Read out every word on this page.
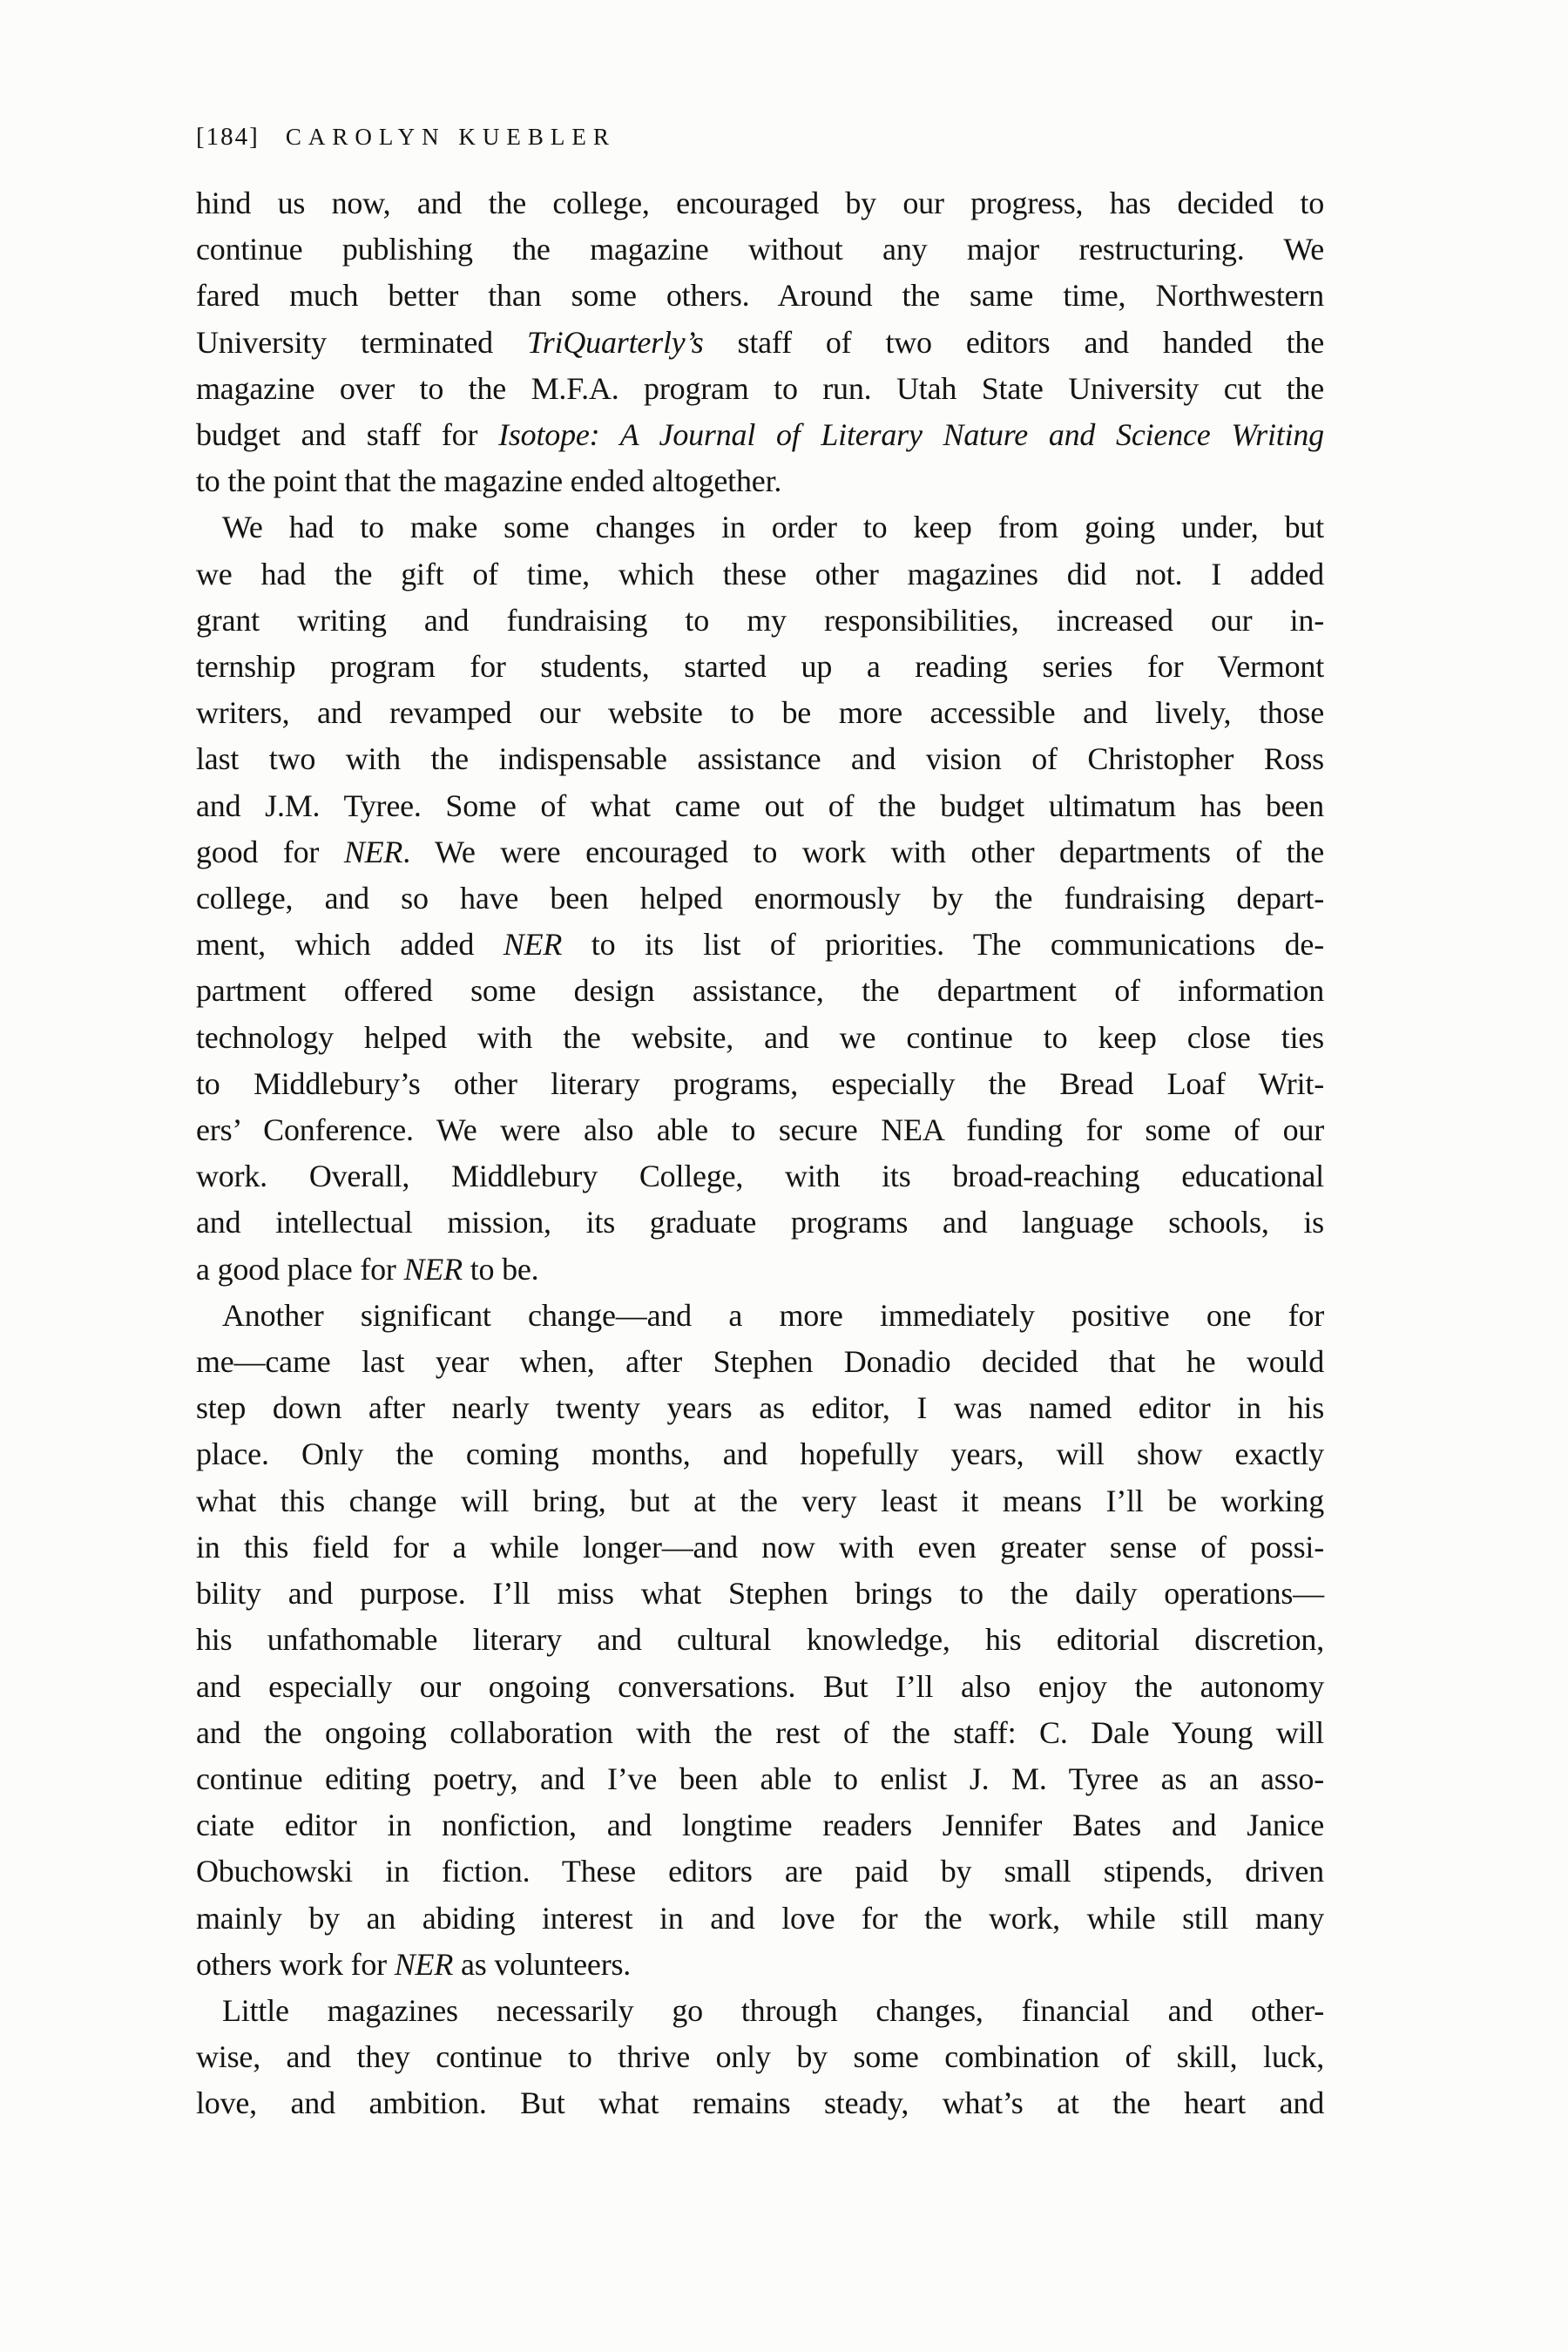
[184] CAROLYN KUEBLER
hind us now, and the college, encouraged by our progress, has decided to
continue publishing the magazine without any major restructuring. We
fared much better than some others. Around the same time, Northwestern
University terminated TriQuarterly’s staff of two editors and handed the
magazine over to the M.F.A. program to run. Utah State University cut the
budget and staff for Isotope: A Journal of Literary Nature and Science Writing
to the point that the magazine ended altogether.
We had to make some changes in order to keep from going under, but
we had the gift of time, which these other magazines did not. I added
grant writing and fundraising to my responsibilities, increased our in-
ternship program for students, started up a reading series for Vermont
writers, and revamped our website to be more accessible and lively, those
last two with the indispensable assistance and vision of Christopher Ross
and J.M. Tyree. Some of what came out of the budget ultimatum has been
good for NER. We were encouraged to work with other departments of the
college, and so have been helped enormously by the fundraising depart-
ment, which added NER to its list of priorities. The communications de-
partment offered some design assistance, the department of information
technology helped with the website, and we continue to keep close ties
to Middlebury’s other literary programs, especially the Bread Loaf Writ-
ers’ Conference. We were also able to secure NEA funding for some of our
work. Overall, Middlebury College, with its broad-reaching educational
and intellectual mission, its graduate programs and language schools, is
a good place for NER to be.
Another significant change—and a more immediately positive one for
me—came last year when, after Stephen Donadio decided that he would
step down after nearly twenty years as editor, I was named editor in his
place. Only the coming months, and hopefully years, will show exactly
what this change will bring, but at the very least it means I’ll be working
in this field for a while longer—and now with even greater sense of possi-
bility and purpose. I’ll miss what Stephen brings to the daily operations—
his unfathomable literary and cultural knowledge, his editorial discretion,
and especially our ongoing conversations. But I’ll also enjoy the autonomy
and the ongoing collaboration with the rest of the staff: C. Dale Young will
continue editing poetry, and I’ve been able to enlist J. M. Tyree as an asso-
ciate editor in nonfiction, and longtime readers Jennifer Bates and Janice
Obuchowski in fiction. These editors are paid by small stipends, driven
mainly by an abiding interest in and love for the work, while still many
others work for NER as volunteers.
Little magazines necessarily go through changes, financial and other-
wise, and they continue to thrive only by some combination of skill, luck,
love, and ambition. But what remains steady, what’s at the heart and
